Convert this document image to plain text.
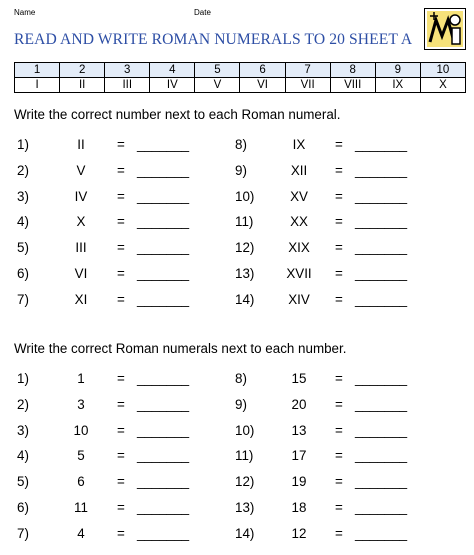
Name	Date
READ AND WRITE ROMAN NUMERALS TO 20 SHEET A
1	2	3	4	5	6	7	8	9	10
I	II	III	IV	V	VI	VII	VIII	IX	X
Write the correct number next to each Roman numeral.
1)	II	= _______
2)	V	= _______
3)	IV	= _______
4)	X	= _______
5)	III	= _______
6)	VI	= _______
7)	XI	= _______
8)	IX	= _______
9)	XII	= _______
10)	XV	= _______
11)	XX	= _______
12)	XIX	= _______
13)	XVII	= _______
14)	XIV	= _______
Write the correct Roman numerals next to each number.
1)	1	= _______
2)	3	= _______
3)	10	= _______
4)	5	= _______
5)	6	= _______
6)	11	= _______
7)	4	= _______
8)	15	= _______
9)	20	= _______
10)	13	= _______
11)	17	= _______
12)	19	= _______
13)	18	= _______
14)	12	= _______
